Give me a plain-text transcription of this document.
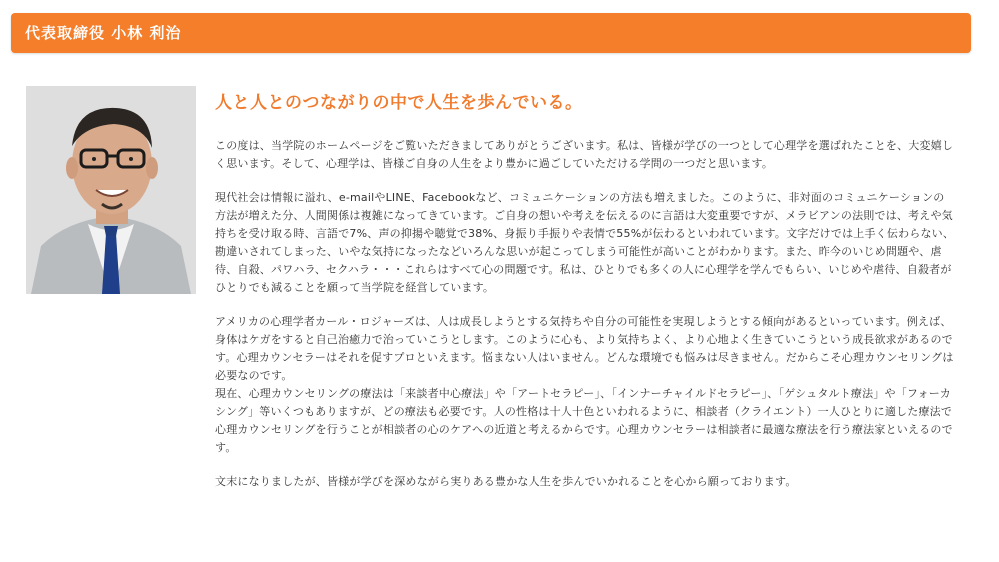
代表取締役 小林 利治
人と人とのつながりの中で人生を歩んでいる。

この度は、当学院のホームページをご覧いただきましてありがとうございます。私は、皆様が学びの一つとして心理学を選ばれたことを、大変嬉しく思います。そして、心理学は、皆様ご自身の人生をより豊かに過ごしていただける学問の一つだと思います。

現代社会は情報に溢れ、e-mailやLINE、Facebookなど、コミュニケーションの方法も増えました。このように、非対面のコミュニケーションの方法が増えた分、人間関係は複雑になってきています。ご自身の想いや考えを伝えるのに言語は大変重要ですが、メラビアンの法則では、考えや気持ちを受け取る時、言語で7%、声の抑揚や聴覚で38%、身振り手振りや表情で55%が伝わるといわれています。文字だけでは上手く伝わらない、勘違いされてしまった、いやな気持になったなどいろんな思いが起こってしまう可能性が高いことがわかります。また、昨今のいじめ問題や、虐待、自殺、パワハラ、セクハラ・・・これらはすべて心の問題です。私は、ひとりでも多くの人に心理学を学んでもらい、いじめや虐待、自殺者がひとりでも減ることを願って当学院を経営しています。

アメリカの心理学者カール・ロジャーズは、人は成長しようとする気持ちや自分の可能性を実現しようとする傾向があるといっています。例えば、身体はケガをすると自己治癒力で治っていこうとします。このように心も、より気持ちよく、より心地よく生きていこうという成長欲求があるのです。心理カウンセラーはそれを促すプロといえます。悩まない人はいません。どんな環境でも悩みは尽きません。だからこそ心理カウンセリングは必要なのです。

現在、心理カウンセリングの療法は「来談者中心療法」や「アートセラピー」、「インナーチャイルドセラピー」、「ゲシュタルト療法」や「フォーカシング」等いくつもありますが、どの療法も必要です。人の性格は十人十色といわれるように、相談者（クライエント）一人ひとりに適した療法で心理カウンセリングを行うことが相談者の心のケアへの近道と考えるからです。心理カウンセラーは相談者に最適な療法を行う療法家といえるのです。

文末になりましたが、皆様が学びを深めながら実りある豊かな人生を歩んでいかれることを心から願っております。
